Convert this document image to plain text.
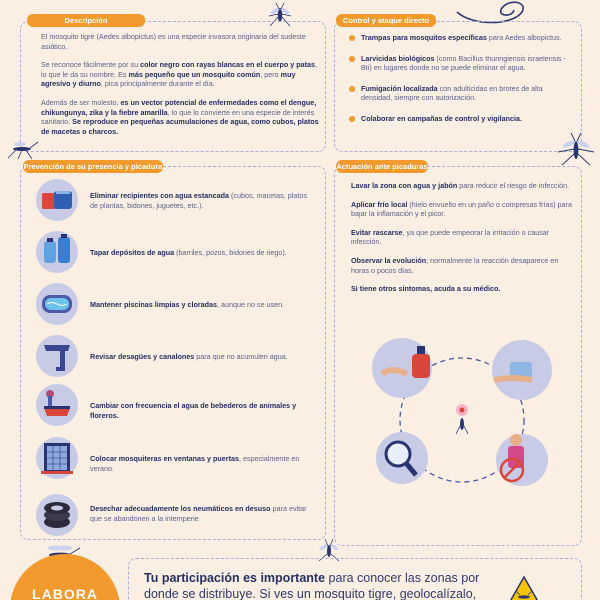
Descripción

El mosquito tigre (Aedes albopictus) es una especie invasora originaria del sudeste asiático.

Se reconoce fácilmente por su color negro con rayas blancas en el cuerpo y patas, lo que le da su nombre. Es más pequeño que un mosquito común, pero muy agresivo y diurno, pica principalmente durante el día.

Además de ser molesto, es un vector potencial de enfermedades como el dengue, chikungunya, zika y la fiebre amarilla, lo que lo convierte en una especie de interés sanitario. Se reproduce en pequeñas acumulaciones de agua, como cubos, platos de macetas o charcos.

Control y ataque directo
Trampas para mosquitos específicas para Aedes albopictus.
Larvicidas biológicos (como Bacillus thuringiensis israelensis - Bti) en lugares donde no se puede eliminar el agua.
Fumigación localizada con adulticidas en brotes de alta densidad, siempre con autorización.
Colaborar en campañas de control y vigilancia.
Prevención de su presencia y picadura
Eliminar recipientes con agua estancada (cubos, macetas, platos de plantas, bidones, juguetes, etc.).
Tapar depósitos de agua (barriles, pozos, bidones de riego).
Mantener piscinas limpias y cloradas, aunque no se usen.
Revisar desagües y canalones para que no acumulen agua.
Cambiar con frecuencia el agua de bebederos de animales y floreros.
Colocar mosquiteras en ventanas y puertas, especialmente en verano.
Desechar adecuadamente los neumáticos en desuso para evitar que se abandonen a la intemperie
Actuación ante picaduras

Lavar la zona con agua y jabón para reducir el riesgo de infección.

Aplicar frío local (hielo envuelto en un paño o compresas frías) para bajar la inflamación y el picor.

Evitar rascarse, ya que puede empeorar la irritación o causar infección.

Observar la evolución; normalmente la reacción desaparece en horas o pocos días.

Si tiene otros síntomas, acuda a su médico.

LABORA
Tu participación es importante para conocer las zonas por donde se distribuye. Si ves un mosquito tigre, geolocalízalo,
